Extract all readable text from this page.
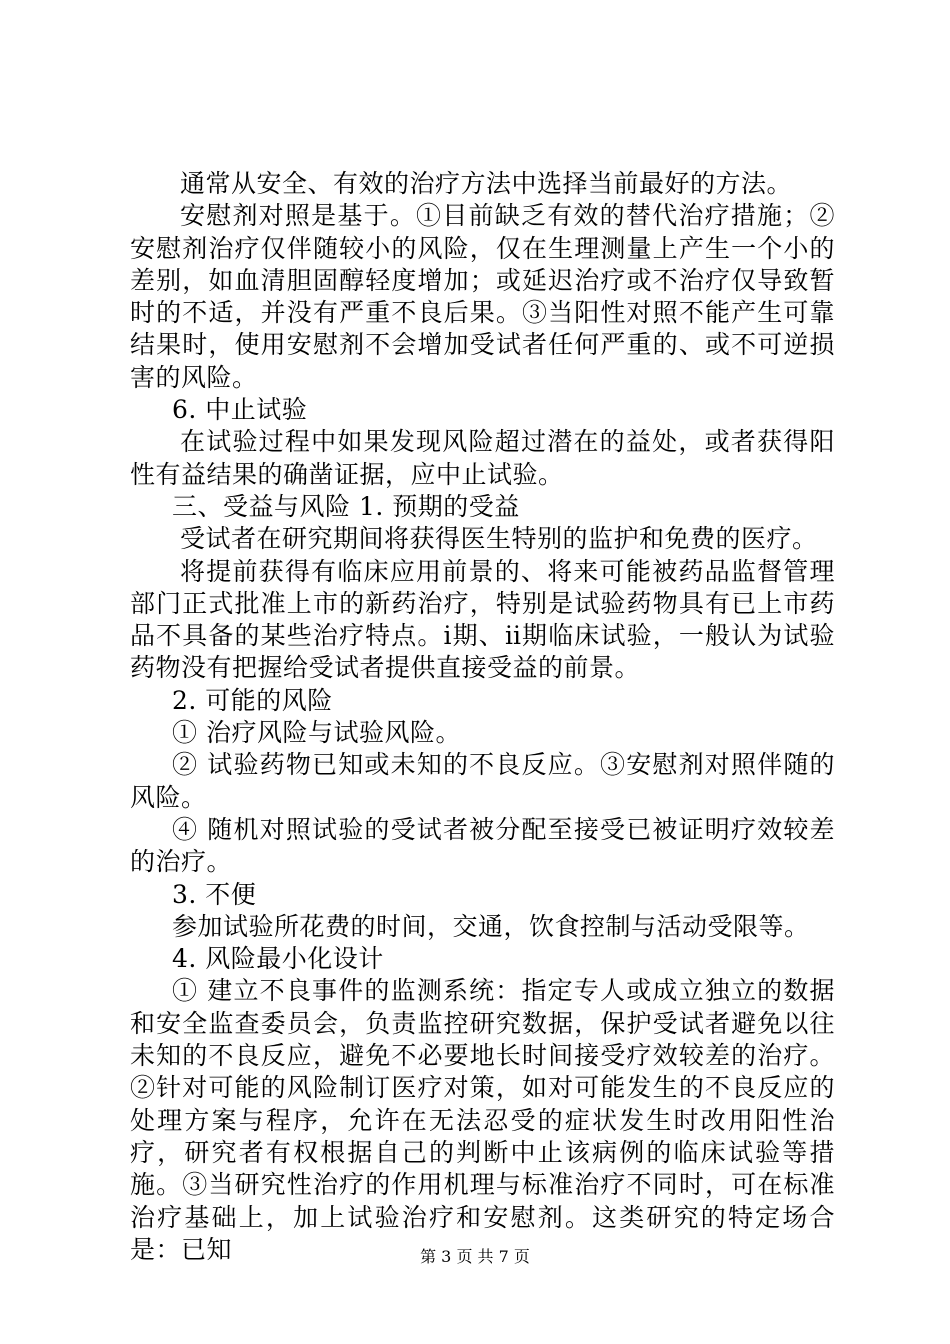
通常从安全、有效的治疗方法中选择当前最好的方法。

安慰剂对照是基于。①目前缺乏有效的替代治疗措施；②安慰剂治疗仅伴随较小的风险，仅在生理测量上产生一个小的差别，如血清胆固醇轻度增加；或延迟治疗或不治疗仅导致暂时的不适，并没有严重不良后果。③当阳性对照不能产生可靠结果时，使用安慰剂不会增加受试者任何严重的、或不可逆损害的风险。

6. 中止试验

在试验过程中如果发现风险超过潜在的益处，或者获得阳性有益结果的确凿证据，应中止试验。

三、受益与风险 1. 预期的受益

受试者在研究期间将获得医生特别的监护和免费的医疗。

将提前获得有临床应用前景的、将来可能被药品监督管理部门正式批准上市的新药治疗，特别是试验药物具有已上市药品不具备的某些治疗特点。ⅰ期、ⅱ期临床试验，一般认为试验药物没有把握给受试者提供直接受益的前景。

2. 可能的风险

① 治疗风险与试验风险。

② 试验药物已知或未知的不良反应。③安慰剂对照伴随的风险。

④ 随机对照试验的受试者被分配至接受已被证明疗效较差的治疗。

3. 不便

参加试验所花费的时间，交通，饮食控制与活动受限等。

4. 风险最小化设计

① 建立不良事件的监测系统：指定专人或成立独立的数据和安全监查委员会，负责监控研究数据，保护受试者避免以往未知的不良反应，避免不必要地长时间接受疗效较差的治疗。②针对可能的风险制订医疗对策，如对可能发生的不良反应的处理方案与程序，允许在无法忍受的症状发生时改用阳性治疗，研究者有权根据自己的判断中止该病例的临床试验等措施。③当研究性治疗的作用机理与标准治疗不同时，可在标准治疗基础上，加上试验治疗和安慰剂。这类研究的特定场合是：已知	第 3 页 共 7 页
